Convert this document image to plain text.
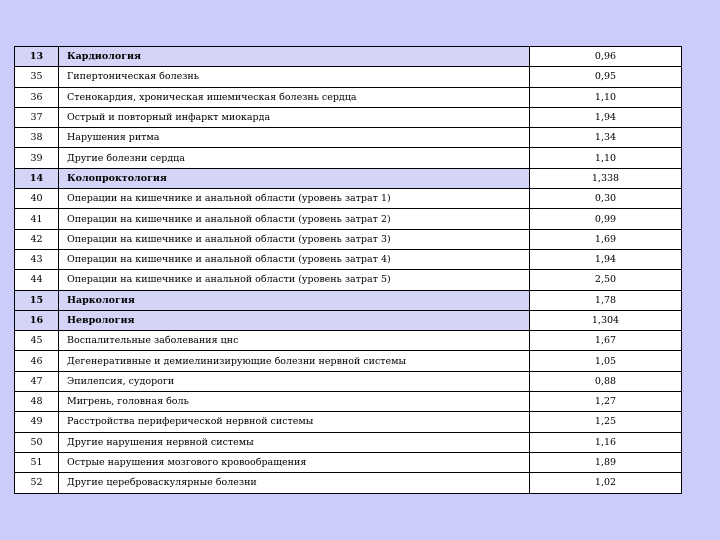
13	Кардиология	0,96
35	Гипертоническая болезнь	0,95
36	Стенокардия, хроническая ишемическая болезнь сердца	1,10
37	Острый и повторный инфаркт миокарда	1,94
38	Нарушения ритма	1,34
39	Другие болезни сердца	1,10
14	Колопроктология	1,338
40	Операции на кишечнике и анальной области (уровень затрат 1)	0,30
41	Операции на кишечнике и анальной области (уровень затрат 2)	0,99
42	Операции на кишечнике и анальной области (уровень затрат 3)	1,69
43	Операции на кишечнике и анальной области (уровень затрат 4)	1,94
44	Операции на кишечнике и анальной области (уровень затрат 5)	2,50
15	Наркология	1,78
16	Неврология	1,304
45	Воспалительные заболевания цнс	1,67
46	Дегенеративные и демиелинизирующие болезни нервной системы	1,05
47	Эпилепсия, судороги	0,88
48	Мигрень, головная боль	1,27
49	Расстройства периферической нервной системы	1,25
50	Другие нарушения нервной системы	1,16
51	Острые нарушения мозгового кровообращения	1,89
52	Другие цереброваскулярные болезни	1,02
